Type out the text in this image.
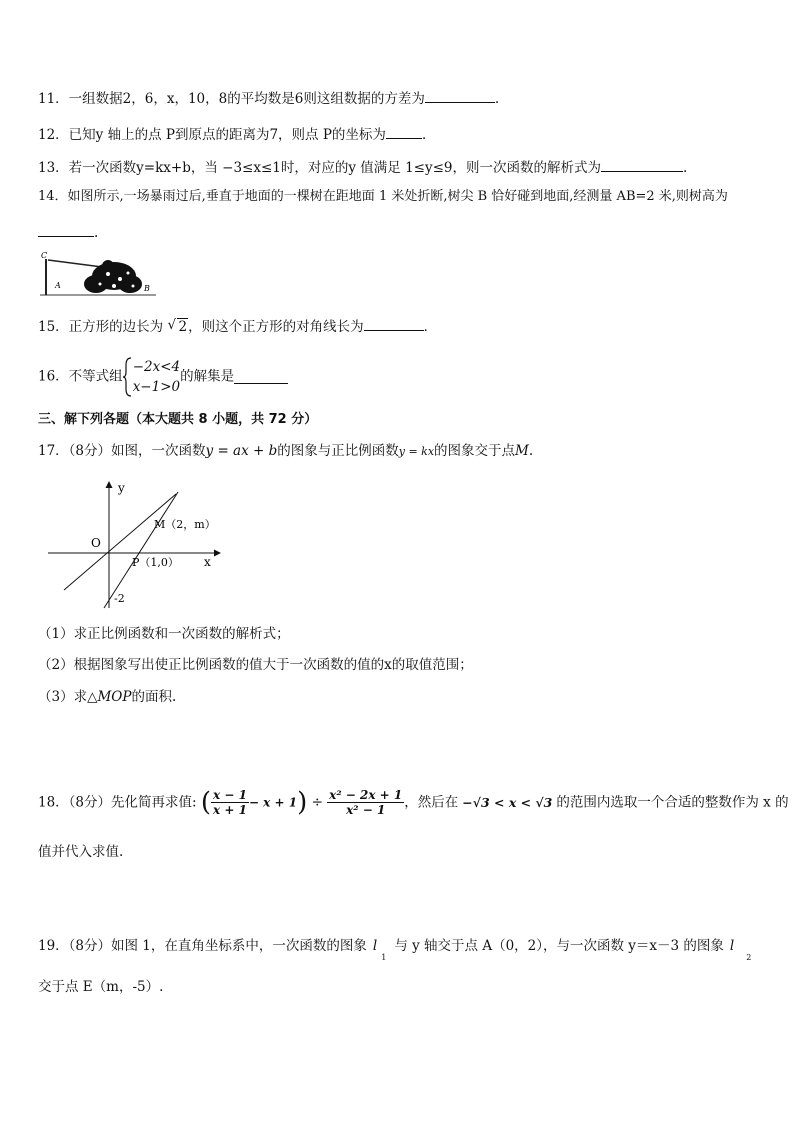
11．一组数据2，6，x，10，8的平均数是6则这组数据的方差为	.
12．已知y 轴上的点 P到原点的距离为7，则点 P的坐标为	．
13．若一次函数y=kx+b，当 −3≤x≤1时，对应的y 值满足 1≤y≤9，则一次函数的解析式为	.
14．如图所示,一场暴雨过后,垂直于地面的一棵树在距地面 1 米处折断,树尖 B 恰好碰到地面,经测量 AB=2 米,则树高为
.
C
A	B
15．正方形的边长为 √ 2，则这个正方形的对角线长为	．
16．不等式组
−2x<4
x−1>0
的解集是
三、解下列各题（本大题共 8 小题，共 72 分）
17．（8分）如图，一次函数y = ax + b的图象与正比例函数y = kx的图象交于点M.
y
x
O
M（2，m）
P（1,0）
-2
（1）求正比例函数和一次函数的解析式；
（2）根据图象写出使正比例函数的值大于一次函数的值的x的取值范围；
（3）求△MOP的面积.
18．（8分）先化简再求值: ( $\frac{x - 1}{x + 1} - x + 1) \div \frac{\text{x² − 2x + 1}}{\text{x² − 1}}$ ，然后在 −√3 < x < √3 的范围内选取一个合适的整数作为 x 的
值并代入求值.
19．（8分）如图 1，在直角坐标系中，一次函数的图象 $l_1$与 y 轴交于点 A（0，2），与一次函数 y＝x－3 的图象 $l_2$
交于点 E（m，-5）.
